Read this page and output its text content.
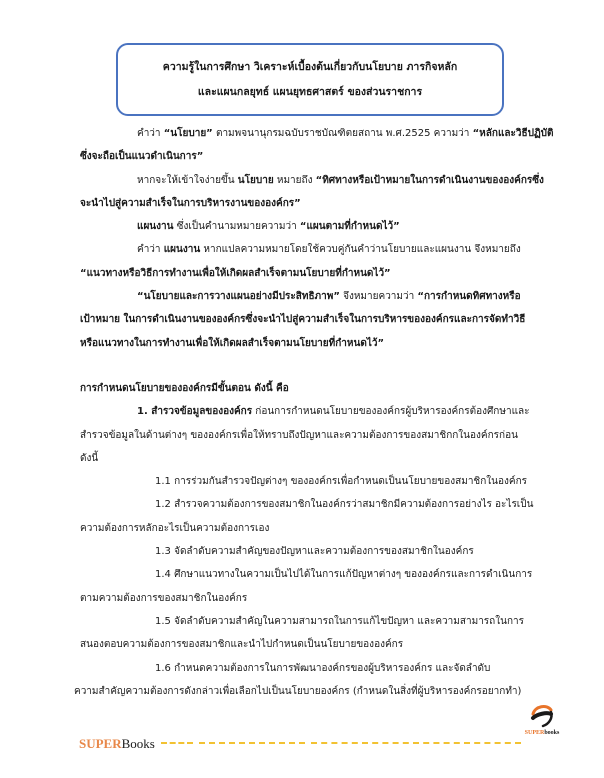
ความรู้ในการศึกษา วิเคราะห์เบื้องต้นเกี่ยวกับนโยบาย ภารกิจหลัก
และแผนกลยุทธ์ แผนยุทธศาสตร์ ของส่วนราชการ
คำว่า “นโยบาย” ตามพจนานุกรมฉบับราชบัณฑิตยสถาน พ.ศ.2525 ความว่า “หลักและวิธีปฏิบัติ
ซึ่งจะถือเป็นแนวดำเนินการ”
หากจะให้เข้าใจง่ายขึ้น นโยบาย หมายถึง “ทิศทางหรือเป้าหมายในการดำเนินงานขององค์กรซึ่ง
จะนำไปสู่ความสำเร็จในการบริหารงานขององค์กร”
แผนงาน ซึ่งเป็นคำนามหมายความว่า “แผนตามที่กำหนดไว้”
คำว่า แผนงาน หากแปลความหมายโดยใช้ควบคู่กันคำว่านโยบายและแผนงาน จึงหมายถึง
“แนวทางหรือวิธีการทำงานเพื่อให้เกิดผลสำเร็จตามนโยบายที่กำหนดไว้”
“นโยบายและการวางแผนอย่างมีประสิทธิภาพ” จึงหมายความว่า “การกำหนดทิศทางหรือ
เป้าหมาย ในการดำเนินงานขององค์กรซึ่งจะนำไปสู่ความสำเร็จในการบริหารขององค์กรและการจัดทำวิธี
หรือแนวทางในการทำงานเพื่อให้เกิดผลสำเร็จตามนโยบายที่กำหนดไว้”
การกำหนดนโยบายขององค์กรมีขั้นตอน ดังนี้ คือ
1. สำรวจข้อมูลขององค์กร ก่อนการกำหนดนโยบายขององค์กรผู้บริหารองค์กรต้องศึกษาและ
สำรวจข้อมูลในด้านต่างๆ ขององค์กรเพื่อให้ทราบถึงปัญหาและความต้องการของสมาชิกกในองค์กรก่อน
ดังนี้
1.1 การร่วมกันสำรวจปัญต่างๆ ขององค์กรเพื่อกำหนดเป็นนโยบายของสมาชิกในองค์กร
1.2 สำรวจความต้องการของสมาชิกในองค์กรว่าสมาชิกมีความต้องการอย่างไร อะไรเป็น
ความต้องการหลักอะไรเป็นความต้องการเอง
1.3 จัดลำดับความสำคัญของปัญหาและความต้องการของสมาชิกในองค์กร
1.4 ศึกษาแนวทางในความเป็นไปได้ในการแก้ปัญหาต่างๆ ขององค์กรและการดำเนินการ
ตามความต้องการของสมาชิกในองค์กร
1.5 จัดลำดับความสำคัญในความสามารถในการแก้ไขปัญหา และความสามารถในการ
สนองตอบความต้องการของสมาชิกและนำไปกำหนดเป็นนโยบายขององค์กร
1.6 กำหนดความต้องการในการพัฒนาองค์กรของผู้บริหารองค์กร และจัดลำดับ
ความสำคัญความต้องการดังกล่าวเพื่อเลือกไปเป็นนโยบายองค์กร (กำหนดในสิ่งที่ผู้บริหารองค์กรอยากทำ)
SUPERBooks
SUPERbooks
